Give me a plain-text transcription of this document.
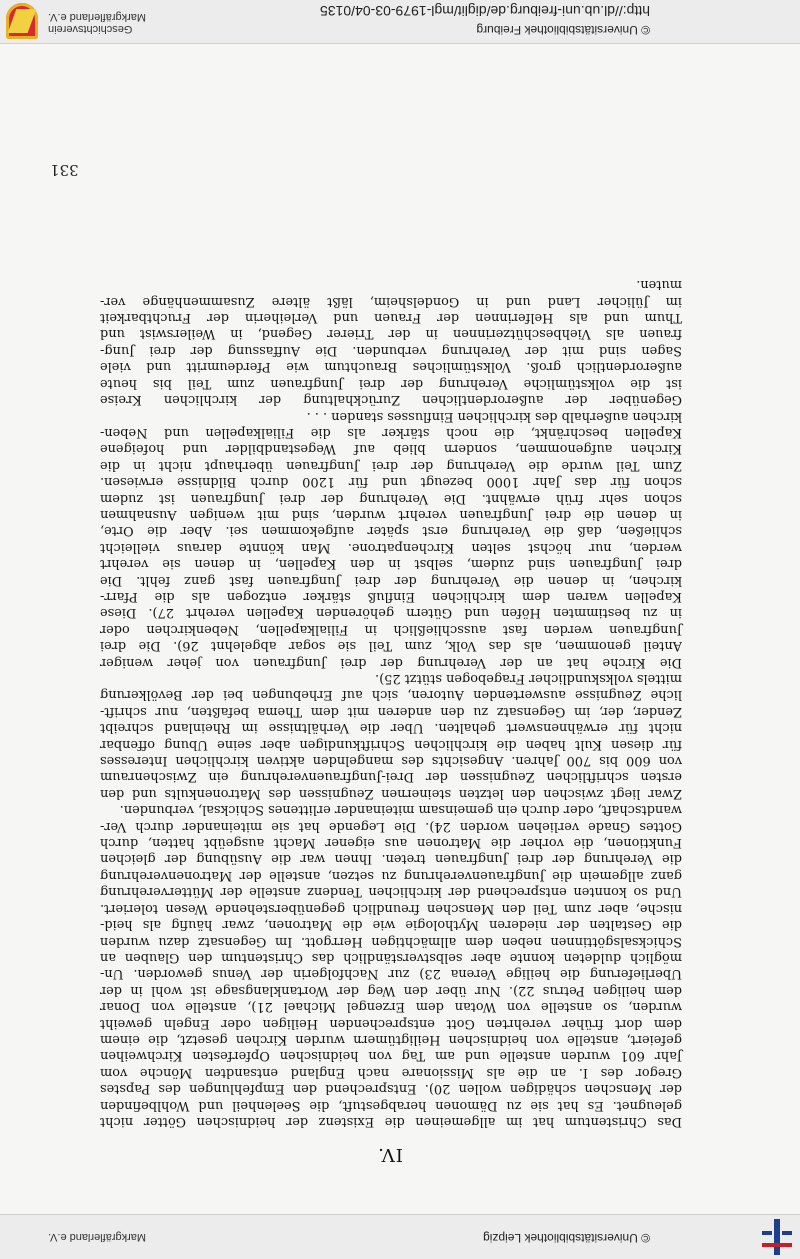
© Universitätsbibliothek Leipzig
Markgräflerland e.V.
IV.

Das Christentum hat im allgemeinen die Existenz der heidnischen Götter nicht
geleugnet. Es hat sie zu Dämonen herabgestuft, die Seelenheil und Wohlbefinden
der Menschen schädigen wollen 20). Entsprechend den Empfehlungen des Papstes
Gregor des I. an die als Missionare nach England entsandten Mönche vom
Jahr 601 wurden anstelle und am Tag von heidnischen Opferfesten Kirchweihen
gefeiert, anstelle von heidnischen Heiligtümern wurden Kirchen gesetzt, die einem
dem dort früher verehrten Gott entsprechenden Heiligen oder Engeln geweiht
wurden, so anstelle von Wotan dem Erzengel Michael 21), anstelle von Donar
dem heiligen Petrus 22). Nur über den Weg der Wortanklangsage ist wohl in der
Überlieferung die heilige Verena 23) zur Nachfolgerin der Venus geworden. Un-
möglich duldeten konnte aber selbstverständlich das Christentum den Glauben an
Schicksalsgöttinnen neben dem allmächtigen Herrgott. Im Gegensatz dazu wurden
die Gestalten der niederen Mythologie wie die Matronen, zwar häufig als heid-
nische, aber zum Teil den Menschen freundlich gegenüberstehende Wesen toleriert.
Und so konnten entsprechend der kirchlichen Tendenz anstelle der Mütterverehrung
ganz allgemein die Jungfrauenverehrung zu setzen, anstelle der Matronenverehrung
die Verehrung der drei Jungfrauen treten. Ihnen war die Ausübung der gleichen
Funktionen, die vorher die Matronen aus eigener Macht ausgeübt hatten, durch
Gottes Gnade verliehen worden 24). Die Legende hat sie miteinander durch Ver-
wandtschaft, oder durch ein gemeinsam miteinander erlittenes Schicksal, verbunden.

Zwar liegt zwischen den letzten steinernen Zeugnissen des Matronenkults und den
ersten schriftlichen Zeugnissen der Drei-Jungfrauenverehrung ein Zwischenraum
von 600 bis 700 Jahren. Angesichts des mangelnden aktiven kirchlichen Interesses
für diesen Kult haben die kirchlichen Schriftkundigen aber seine Übung offenbar
nicht für erwähnenswert gehalten. Über die Verhältnisse im Rheinland schreibt
Zender, der, im Gegensatz zu den anderen mit dem Thema befaßten, nur schrift-
liche Zeugnisse auswertenden Autoren, sich auf Erhebungen bei der Bevölkerung
mittels volkskundlicher Fragebogen stützt 25).

Die Kirche hat an der Verehrung der drei Jungfrauen von jeher weniger
Anteil genommen, als das Volk, zum Teil sie sogar abgelehnt 26). Die drei
Jungfrauen werden fast ausschließlich in Filialkapellen, Nebenkirchen oder
in zu bestimmten Höfen und Gütern gehörenden Kapellen verehrt 27). Diese
Kapellen waren dem kirchlichen Einfluß stärker entzogen als die Pfarr-
kirchen, in denen die Verehrung der drei Jungfrauen fast ganz fehlt. Die
drei Jungfrauen sind zudem, selbst in den Kapellen, in denen sie verehrt
werden, nur höchst selten Kirchenpatrone. Man könnte daraus vielleicht
schließen, daß die Verehrung erst später aufgekommen sei. Aber die Orte,
in denen die drei Jungfrauen verehrt wurden, sind mit wenigen Ausnahmen
schon sehr früh erwähnt. Die Verehrung der drei Jungfrauen ist zudem
schon für das Jahr 1000 bezeugt und für 1200 durch Bildnisse erwiesen.
Zum Teil wurde die Verehrung der drei Jungfrauen überhaupt nicht in die
Kirchen aufgenommen, sondern blieb auf Wegestandbilder und hofeigene
Kapellen beschränkt, die noch stärker als die Filialkapellen und Neben-
kirchen außerhalb des kirchlichen Einflusses standen . . .

Gegenüber der außerordentlichen Zurückhaltung der kirchlichen Kreise
ist die volkstümliche Verehrung der drei Jungfrauen zum Teil bis heute
außerordentlich groß. Volkstümliches Brauchtum wie Pferdeumritt und viele
Sagen sind mit der Verehrung verbunden. Die Auffassung der drei Jung-
frauen als Viehbeschützerinnen in der Trierer Gegend, in Weilerswist und
Thum und als Helferinnen der Frauen und Verleiherin der Fruchtbarkeit
im Jülicher Land und in Gondelsheim, läßt ältere Zusammenhänge ver-
muten.

331
© Universitätsbibliothek Freiburg
http://dl.ub.uni-freiburg.de/diglit/mgl-1979-03-04/0135
Geschichtsverein
Markgräflerland e.V.
